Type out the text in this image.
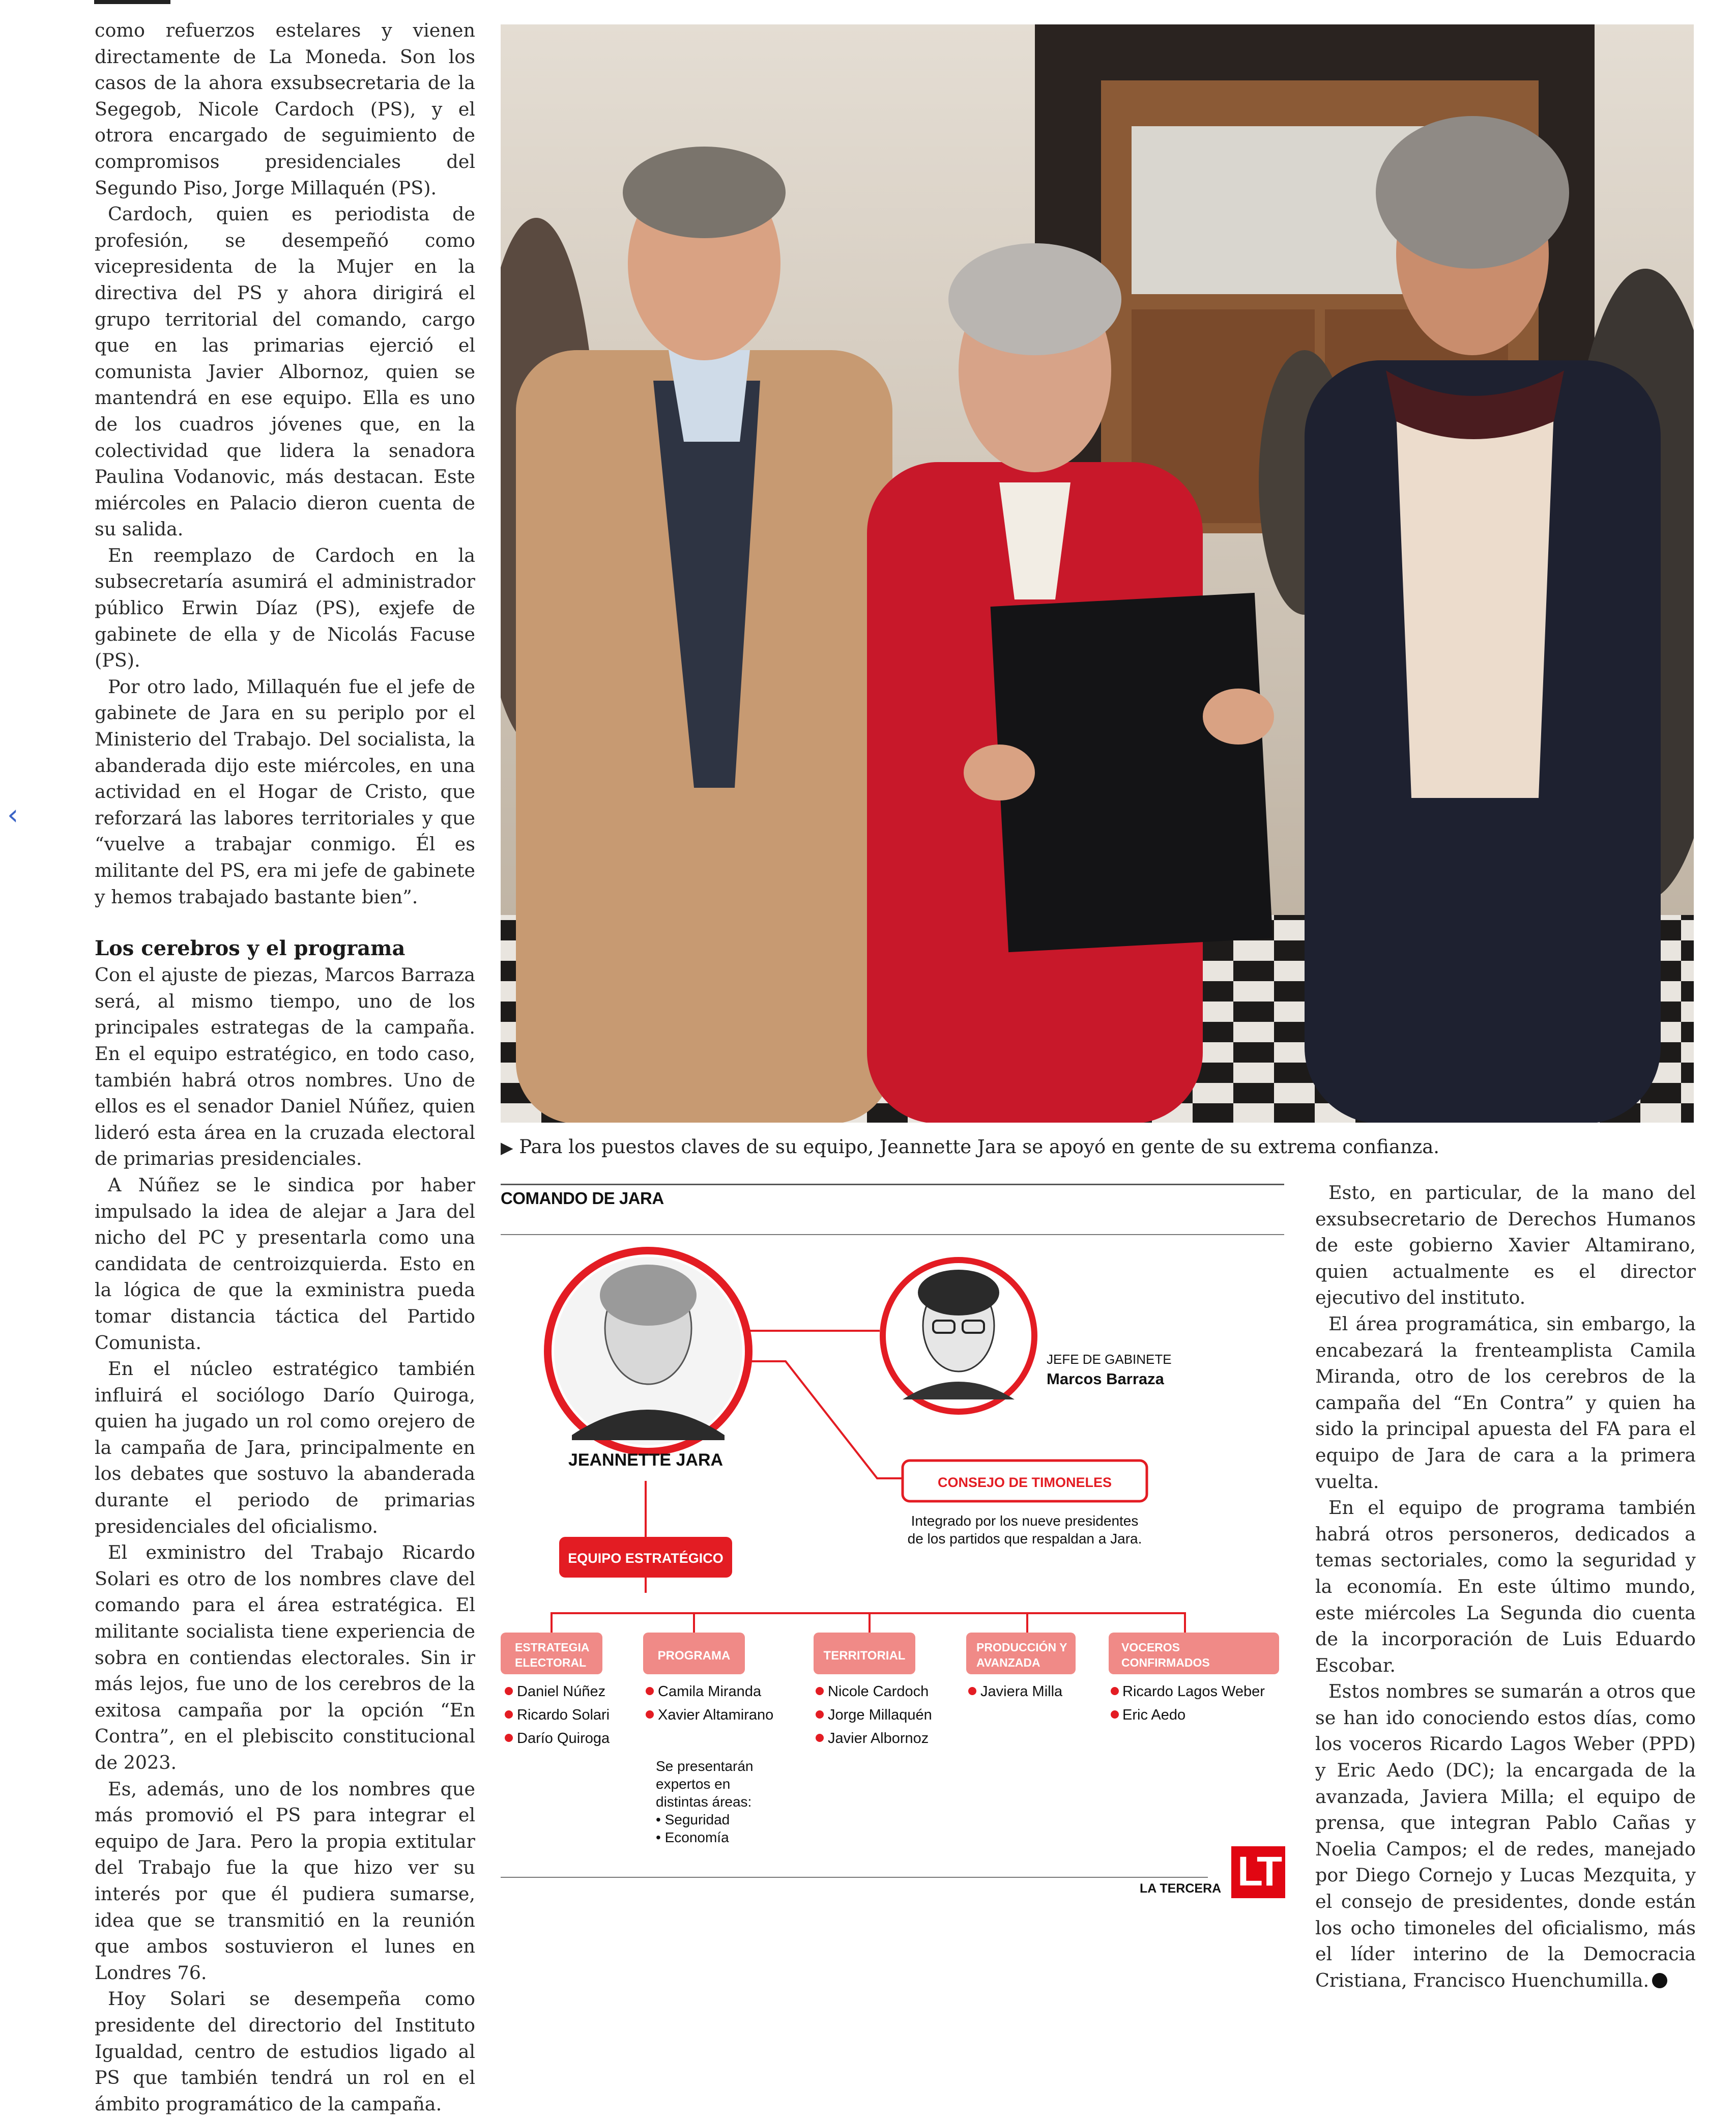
‹

como refuerzos estelares y vienen directamente de La Moneda. Son los casos de la ahora exsubsecretaria de la Segegob, Nicole Cardoch (PS), y el otrora encargado de seguimiento de compromisos presidenciales del Segundo Piso, Jorge Millaquén (PS).

Cardoch, quien es periodista de profesión, se desempeñó como vicepresidenta de la Mujer en la directiva del PS y ahora dirigirá el grupo territorial del comando, cargo que en las primarias ejerció el comunista Javier Albornoz, quien se mantendrá en ese equipo. Ella es uno de los cuadros jóvenes que, en la colectividad que lidera la senadora Paulina Vodanovic, más destacan. Este miércoles en Palacio dieron cuenta de su salida.

En reemplazo de Cardoch en la subsecretaría asumirá el administrador público Erwin Díaz (PS), exjefe de gabinete de ella y de Nicolás Facuse (PS).

Por otro lado, Millaquén fue el jefe de gabinete de Jara en su periplo por el Ministerio del Trabajo. Del socialista, la abanderada dijo este miércoles, en una actividad en el Hogar de Cristo, que reforzará las labores territoriales y que “vuelve a trabajar conmigo. Él es militante del PS, era mi jefe de gabinete y hemos trabajado bastante bien”.

Los cerebros y el programa

Con el ajuste de piezas, Marcos Barraza será, al mismo tiempo, uno de los principales estrategas de la campaña. En el equipo estratégico, en todo caso, también habrá otros nombres. Uno de ellos es el senador Daniel Núñez, quien lideró esta área en la cruzada electoral de primarias presidenciales.

A Núñez se le sindica por haber impulsado la idea de alejar a Jara del nicho del PC y presentarla como una candidata de centroizquierda. Esto en la lógica de que la exministra pueda tomar distancia táctica del Partido Comunista.

En el núcleo estratégico también influirá el sociólogo Darío Quiroga, quien ha jugado un rol como orejero de la campaña de Jara, principalmente en los debates que sostuvo la abanderada durante el periodo de primarias presidenciales del oficialismo.

El exministro del Trabajo Ricardo Solari es otro de los nombres clave del comando para el área estratégica. El militante socialista tiene experiencia de sobra en contiendas electorales. Sin ir más lejos, fue uno de los cerebros de la exitosa campaña por la opción “En Contra”, en el plebiscito constitucional de 2023.

Es, además, uno de los nombres que más promovió el PS para integrar el equipo de Jara. Pero la propia extitular del Trabajo fue la que hizo ver su interés por que él pudiera sumarse, idea que se transmitió en la reunión que ambos sostuvieron el lunes en Londres 76.

Hoy Solari se desempeña como presidente del directorio del Instituto Igualdad, centro de estudios ligado al PS que también tendrá un rol en el ámbito programático de la campaña.

▶ Para los puestos claves de su equipo, Jeannette Jara se apoyó en gente de su extrema confianza.
COMANDO DE JARA
JEANNETTE JARA
JEFE DE GABINETE
Marcos Barraza
CONSEJO DE TIMONELES
Integrado por los nueve presidentes
de los partidos que respaldan a Jara.
EQUIPO ESTRATÉGICO
ESTRATEGIA
ELECTORAL
Daniel Núñez
Ricardo Solari
Darío Quiroga
PROGRAMA
Camila Miranda
Xavier Altamirano
Se presentarán
expertos en
distintas áreas:
• Seguridad
• Economía
TERRITORIAL
Nicole Cardoch
Jorge Millaquén
Javier Albornoz
PRODUCCIÓN Y
AVANZADA
Javiera Milla
VOCEROS
CONFIRMADOS
Ricardo Lagos Weber
Eric Aedo
LA TERCERA LT

Esto, en particular, de la mano del exsubsecretario de Derechos Humanos de este gobierno Xavier Altamirano, quien actualmente es el director ejecutivo del instituto.

El área programática, sin embargo, la encabezará la frenteamplista Camila Miranda, otro de los cerebros de la campaña del “En Contra” y quien ha sido la principal apuesta del FA para el equipo de Jara de cara a la primera vuelta.

En el equipo de programa también habrá otros personeros, dedicados a temas sectoriales, como la seguridad y la economía. En este último mundo, este miércoles La Segunda dio cuenta de la incorporación de Luis Eduardo Escobar.

Estos nombres se sumarán a otros que se han ido conociendo estos días, como los voceros Ricardo Lagos Weber (PPD) y Eric Aedo (DC); la encargada de la avanzada, Javiera Milla; el equipo de prensa, que integran Pablo Cañas y Noelia Campos; el de redes, manejado por Diego Cornejo y Lucas Mezquita, y el consejo de presidentes, donde están los ocho timoneles del oficialismo, más el líder interino de la Democracia Cristiana, Francisco Huenchumilla.
